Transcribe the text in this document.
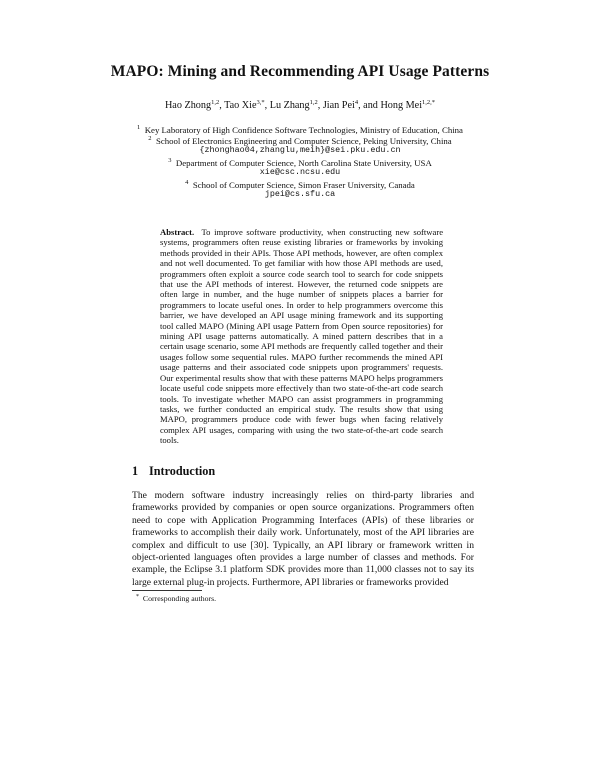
MAPO: Mining and Recommending API Usage Patterns
Hao Zhong$^{1,2}$, Tao Xie$^{3,*}$, Lu Zhang$^{1,2}$, Jian Pei$^4$, and Hong Mei$^{1,2,*}$
$^1$ Key Laboratory of High Confidence Software Technologies, Ministry of Education, China
$^2$ School of Electronics Engineering and Computer Science, Peking University, China
{zhonghao04,zhanglu,meih}@sei.pku.edu.cn
$^3$ Department of Computer Science, North Carolina State University, USA
xie@csc.ncsu.edu
$^4$ School of Computer Science, Simon Fraser University, Canada
jpei@cs.sfu.ca
Abstract. To improve software productivity, when constructing new software systems, programmers often reuse existing libraries or frameworks by invoking methods provided in their APIs. Those API methods, however, are often complex and not well documented. To get familiar with how those API methods are used, programmers often exploit a source code search tool to search for code snippets that use the API methods of interest. However, the returned code snippets are often large in number, and the huge number of snippets places a barrier for programmers to locate useful ones. In order to help programmers overcome this barrier, we have developed an API usage mining framework and its supporting tool called MAPO (Mining API usage Pattern from Open source repositories) for mining API usage patterns automatically. A mined pattern describes that in a certain usage scenario, some API methods are frequently called together and their usages follow some sequential rules. MAPO further recommends the mined API usage patterns and their associated code snippets upon programmers' requests. Our experimental results show that with these patterns MAPO helps programmers locate useful code snippets more effectively than two state-of-the-art code search tools. To investigate whether MAPO can assist programmers in programming tasks, we further conducted an empirical study. The results show that using MAPO, programmers produce code with fewer bugs when facing relatively complex API usages, comparing with using the two state-of-the-art code search tools.
1 Introduction
The modern software industry increasingly relies on third-party libraries and frameworks provided by companies or open source organizations. Programmers often need to cope with Application Programming Interfaces (APIs) of these libraries or frameworks to accomplish their daily work. Unfortunately, most of the API libraries are complex and difficult to use [30]. Typically, an API library or framework written in object-oriented languages often provides a large number of classes and methods. For example, the Eclipse 3.1 platform SDK provides more than 11,000 classes not to say its large external plug-in projects. Furthermore, API libraries or frameworks provided
* Corresponding authors.
